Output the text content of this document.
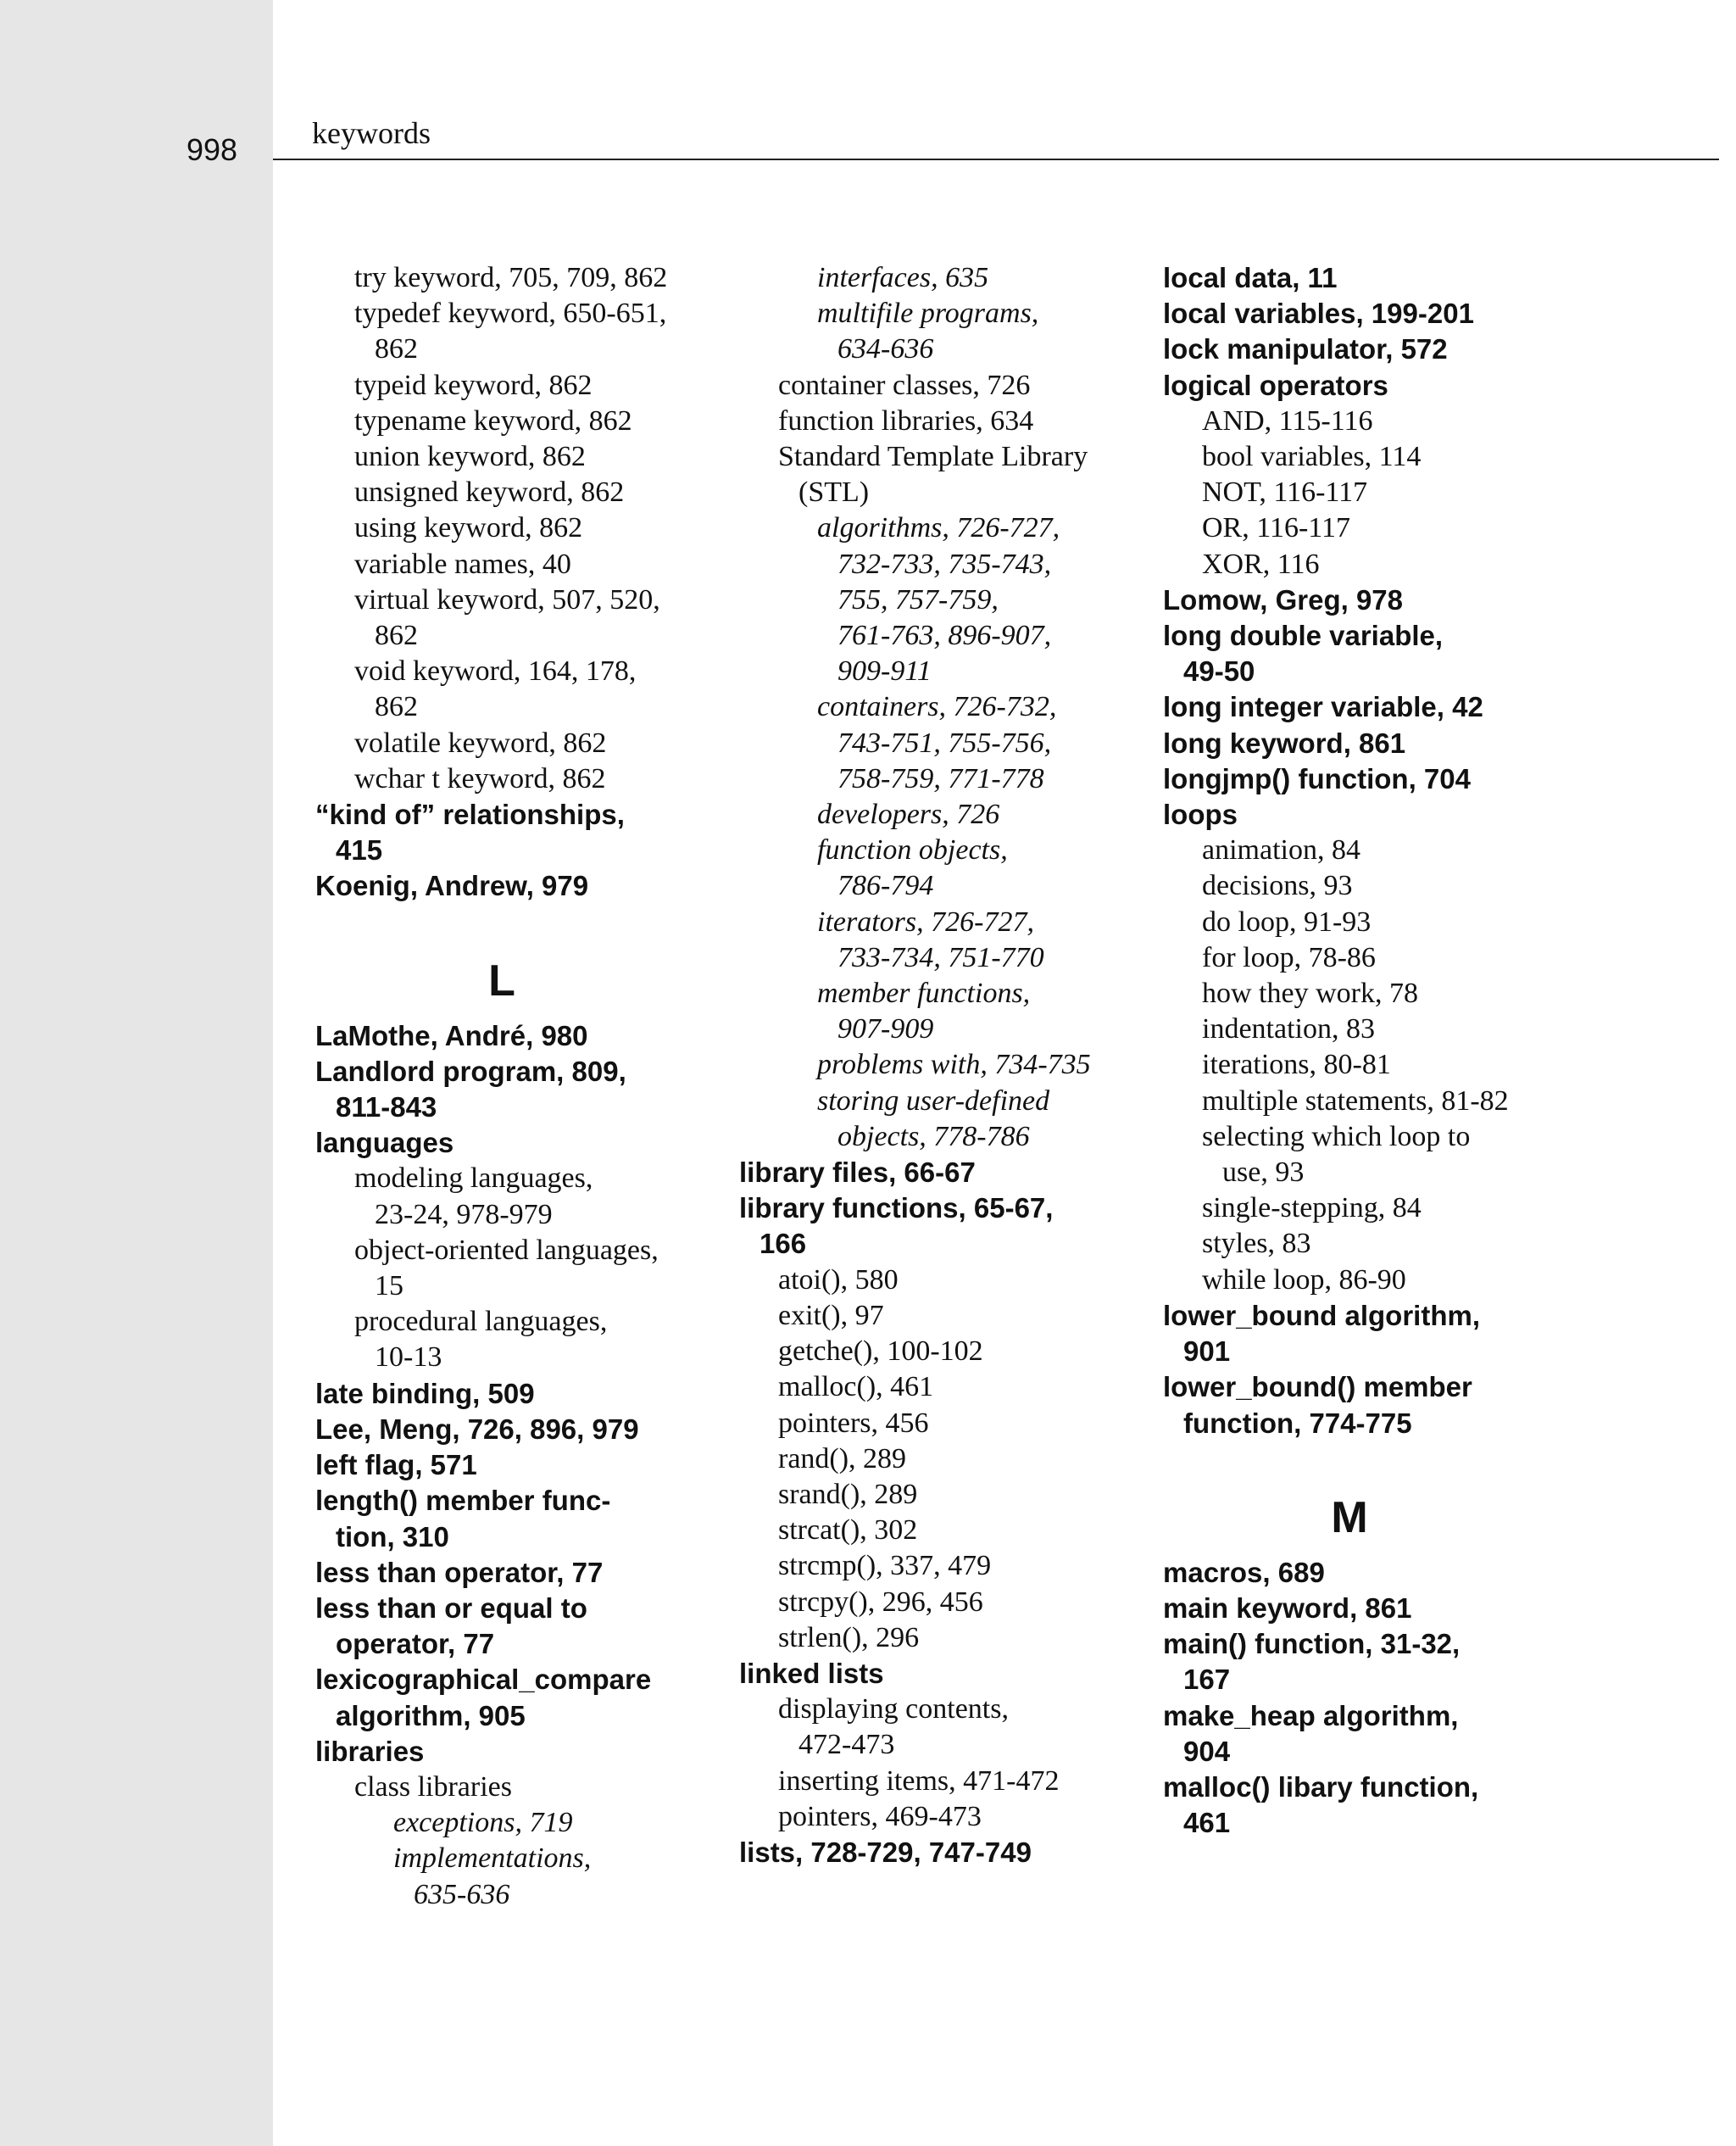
998 keywords
try keyword, 705, 709, 862
typedef keyword, 650-651,
862
typeid keyword, 862
typename keyword, 862
union keyword, 862
unsigned keyword, 862
using keyword, 862
variable names, 40
virtual keyword, 507, 520,
862
void keyword, 164, 178,
862
volatile keyword, 862
wchar t keyword, 862
“kind of” relationships,
415
Koenig, Andrew, 979
L
LaMothe, André, 980
Landlord program, 809,
811-843
languages
modeling languages,
23-24, 978-979
object-oriented languages,
15
procedural languages,
10-13
late binding, 509
Lee, Meng, 726, 896, 979
left flag, 571
length() member func-
tion, 310
less than operator, 77
less than or equal to
operator, 77
lexicographical_compare
algorithm, 905
libraries
class libraries
exceptions, 719
implementations,
635-636
interfaces, 635
multifile programs,
634-636
container classes, 726
function libraries, 634
Standard Template Library
(STL)
algorithms, 726-727,
732-733, 735-743,
755, 757-759,
761-763, 896-907,
909-911
containers, 726-732,
743-751, 755-756,
758-759, 771-778
developers, 726
function objects,
786-794
iterators, 726-727,
733-734, 751-770
member functions,
907-909
problems with, 734-735
storing user-defined
objects, 778-786
library files, 66-67
library functions, 65-67,
166
atoi(), 580
exit(), 97
getche(), 100-102
malloc(), 461
pointers, 456
rand(), 289
srand(), 289
strcat(), 302
strcmp(), 337, 479
strcpy(), 296, 456
strlen(), 296
linked lists
displaying contents,
472-473
inserting items, 471-472
pointers, 469-473
lists, 728-729, 747-749
local data, 11
local variables, 199-201
lock manipulator, 572
logical operators
AND, 115-116
bool variables, 114
NOT, 116-117
OR, 116-117
XOR, 116
Lomow, Greg, 978
long double variable,
49-50
long integer variable, 42
long keyword, 861
longjmp() function, 704
loops
animation, 84
decisions, 93
do loop, 91-93
for loop, 78-86
how they work, 78
indentation, 83
iterations, 80-81
multiple statements, 81-82
selecting which loop to
use, 93
single-stepping, 84
styles, 83
while loop, 86-90
lower_bound algorithm,
901
lower_bound() member
function, 774-775
M
macros, 689
main keyword, 861
main() function, 31-32,
167
make_heap algorithm,
904
malloc() libary function,
461
